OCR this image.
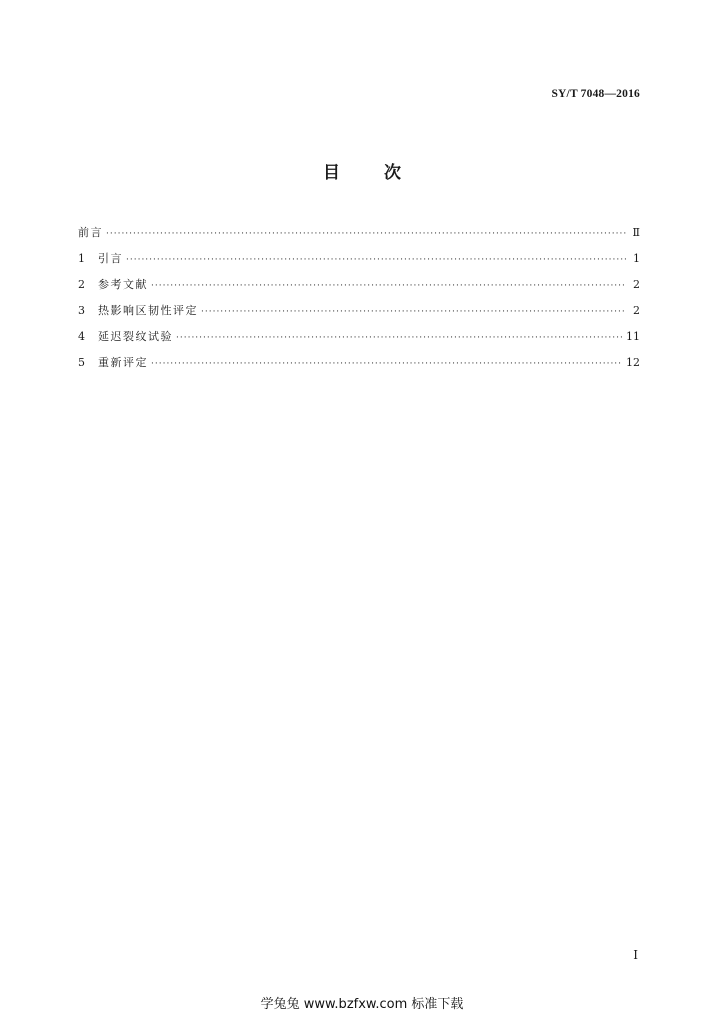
SY/T 7048—2016
目	次
前言 ·····	Ⅱ
1	引言 ·····	1
2	参考文献 ·····	2
3	热影响区韧性评定 ·····	2
4	延迟裂纹试验 ·····	11
5	重新评定 ·····	12
I
学兔兔 www.bzfxw.com 标准下载
